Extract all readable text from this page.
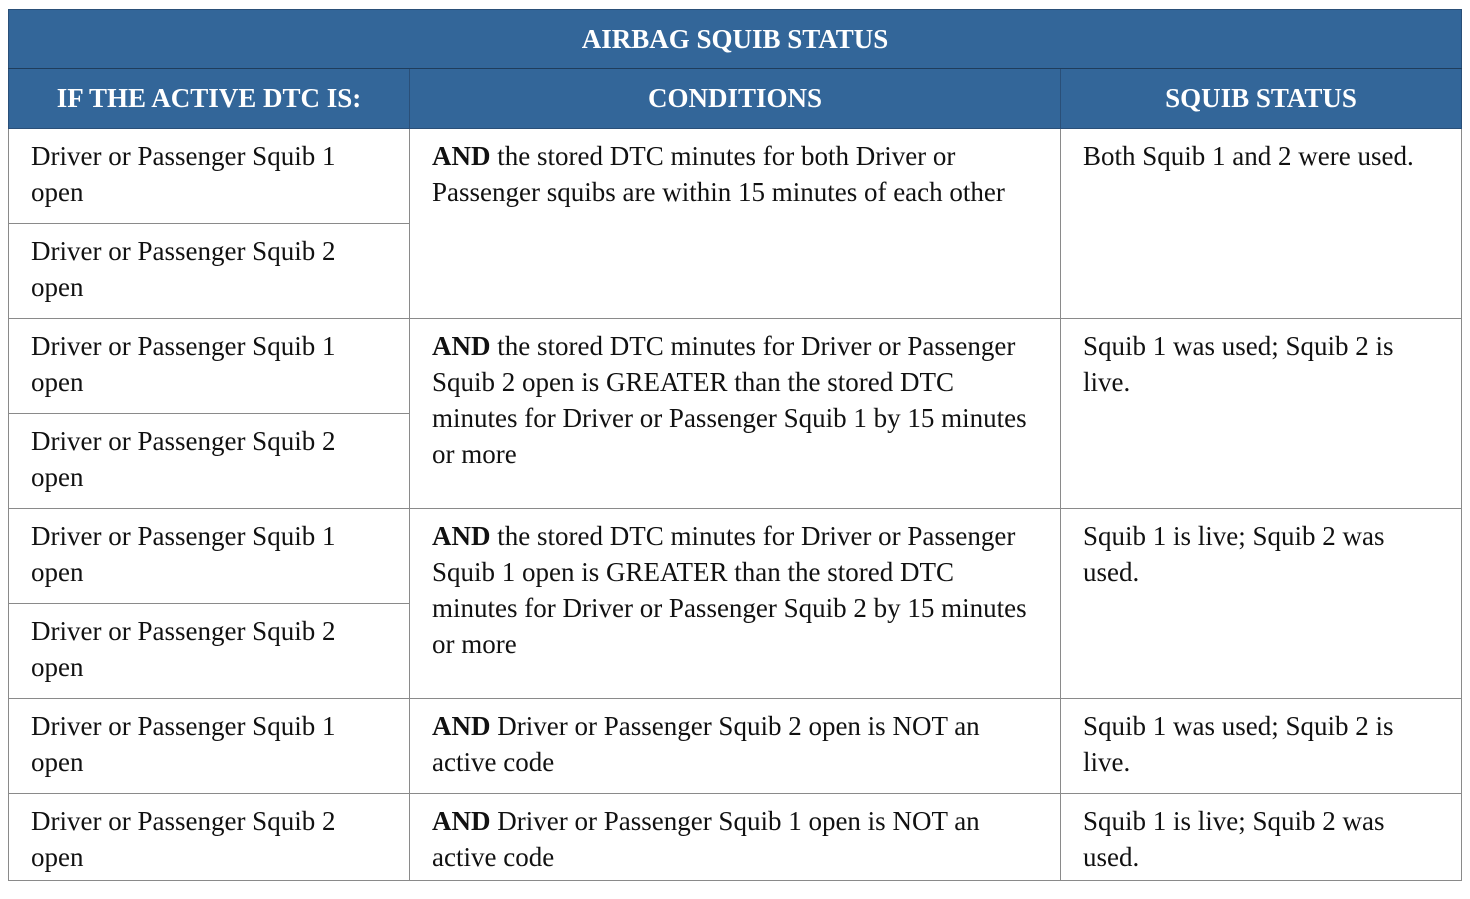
AIRBAG SQUIB STATUS		
IF THE ACTIVE DTC IS:	CONDITIONS	SQUIB STATUS
Driver or Passenger Squib 1 open	AND the stored DTC minutes for both Driver or Passenger squibs are within 15 minutes of each other	Both Squib 1 and 2 were used.
Driver or Passenger Squib 2 open		
Driver or Passenger Squib 1 open	AND the stored DTC minutes for Driver or Passenger Squib 2 open is GREATER than the stored DTC minutes for Driver or Passenger Squib 1 by 15 minutes or more	Squib 1 was used; Squib 2 is live.
Driver or Passenger Squib 2 open		
Driver or Passenger Squib 1 open	AND the stored DTC minutes for Driver or Passenger Squib 1 open is GREATER than the stored DTC minutes for Driver or Passenger Squib 2 by 15 minutes or more	Squib 1 is live; Squib 2 was used.
Driver or Passenger Squib 2 open		
Driver or Passenger Squib 1 open	AND Driver or Passenger Squib 2 open is NOT an active code	Squib 1 was used; Squib 2 is live.
Driver or Passenger Squib 2 open	AND Driver or Passenger Squib 1 open is NOT an active code	Squib 1 is live; Squib 2 was used.
